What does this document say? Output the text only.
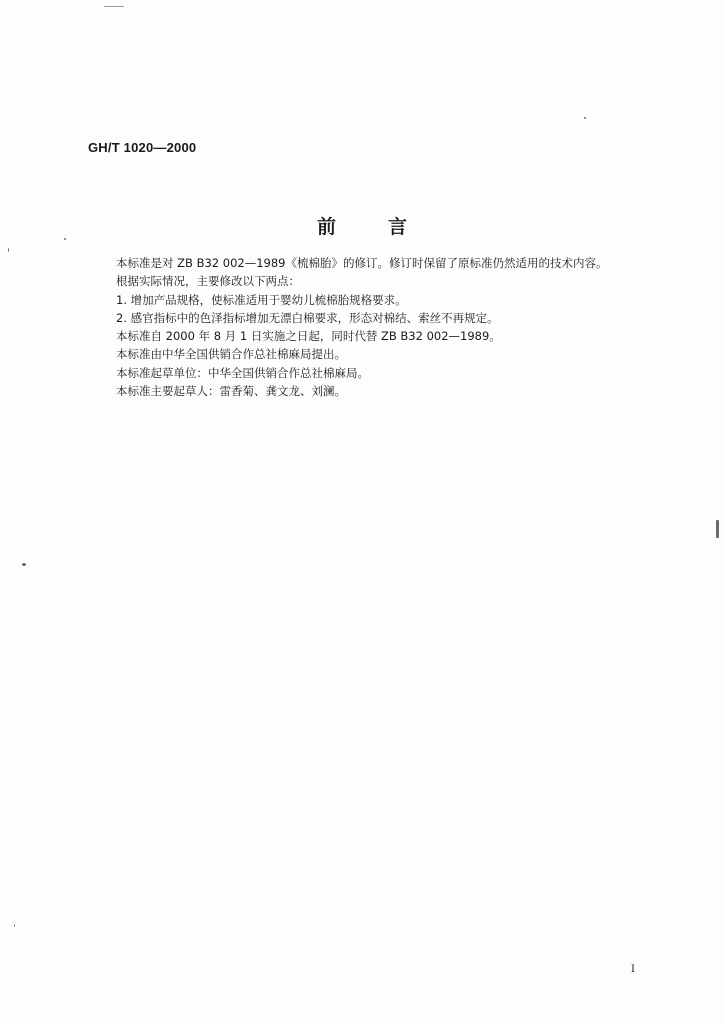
GH/T 1020—2000
前言

本标准是对 ZB B32 002—1989《梳棉胎》的修订。修订时保留了原标准仍然适用的技术内容。

根据实际情况，主要修改以下两点：

1. 增加产品规格，使标准适用于婴幼儿梳棉胎规格要求。

2. 感官指标中的色泽指标增加无漂白棉要求，形态对棉结、索丝不再规定。

本标准自 2000 年 8 月 1 日实施之日起，同时代替 ZB B32 002—1989。

本标准由中华全国供销合作总社棉麻局提出。

本标准起草单位：中华全国供销合作总社棉麻局。

本标准主要起草人：雷香菊、龚文龙、刘澜。

I
